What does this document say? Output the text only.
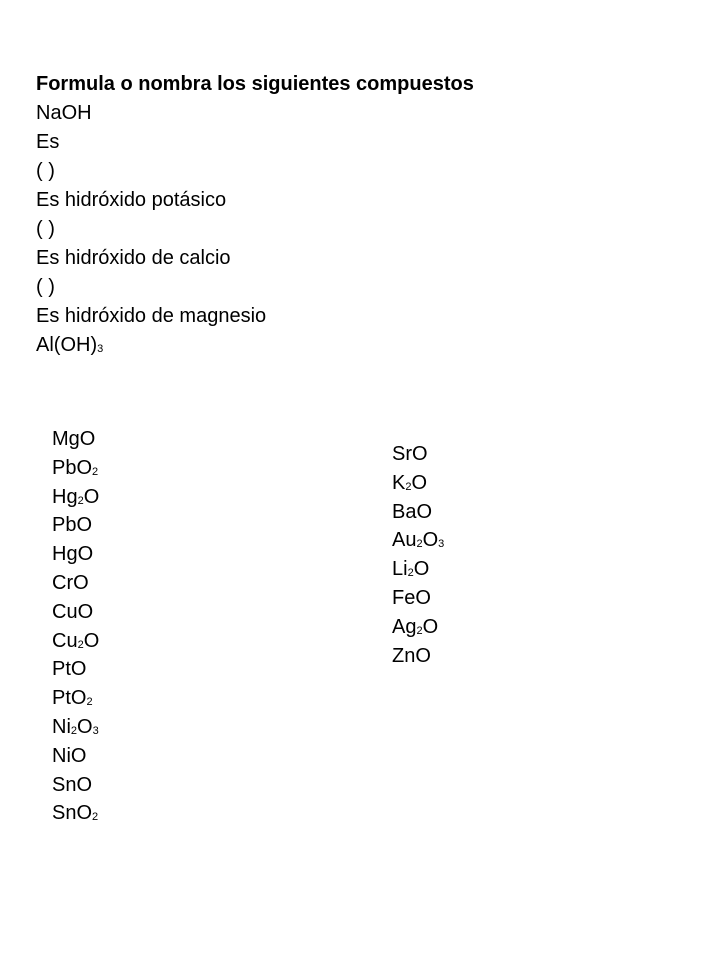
Formula o nombra los siguientes compuestos
NaOH
Es
( )
Es hidróxido potásico
( )
Es hidróxido de calcio
( )
Es hidróxido de magnesio
$Al(OH)_3$
MgO
PbO$_2$
$Hg_2O$
PbO
HgO
CrO
CuO
$Cu_2O$
PtO
PtO$_2$
$Ni_2O_3$
NiO
SnO
SnO$_2$
SrO
$K_2O$
BaO
$Au_2O_3$
$Li_2O$
FeO
$Ag_2O$
ZnO
